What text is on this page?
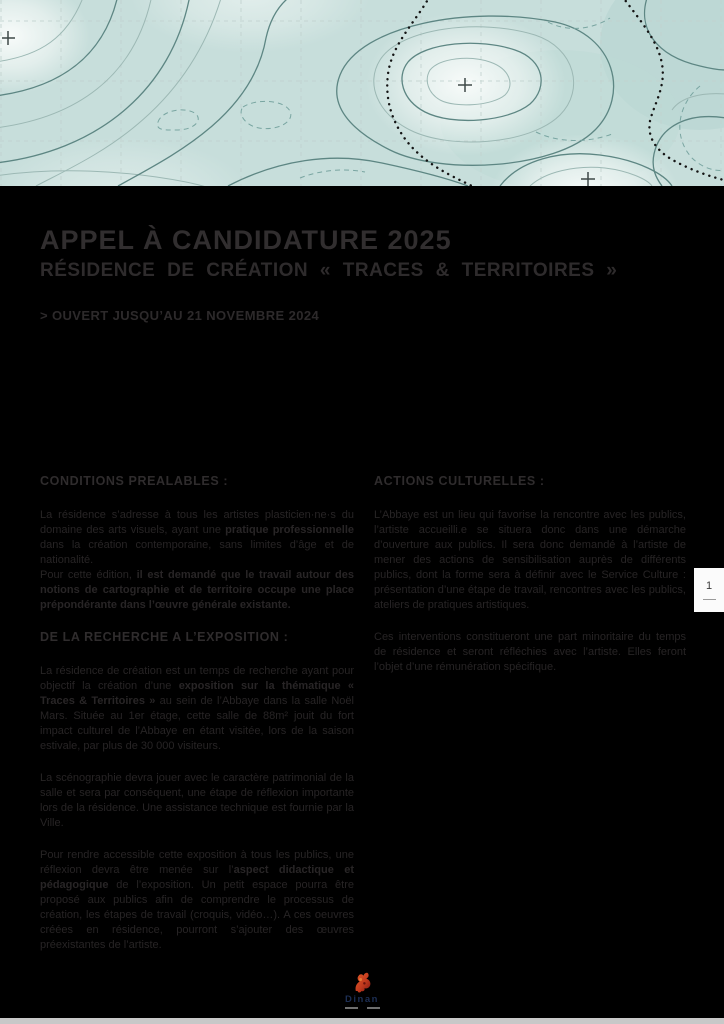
APPEL À CANDIDATURE 2025
RÉSIDENCE DE CRÉATION « TRACES & TERRITOIRES »
> OUVERT JUSQU’AU 21 NOVEMBRE 2024
CONDITIONS PREALABLES :

La résidence s’adresse à tous les artistes plasticien·ne·s du domaine des arts visuels, ayant une pratique professionnelle dans la création contemporaine, sans limites d’âge et de nationalité.
Pour cette édition, il est demandé que le travail autour des notions de cartographie et de territoire occupe une place prépondérante dans l’œuvre générale existante.

DE LA RECHERCHE A L’EXPOSITION :

La résidence de création est un temps de recherche ayant pour objectif la création d’une exposition sur la thématique « Traces & Territoires » au sein de l’Abbaye dans la salle Noël Mars. Située au 1er étage, cette salle de 88m² jouit du fort impact culturel de l’Abbaye en étant visitée, lors de la saison estivale, par plus de 30 000 visiteurs.

La scénographie devra jouer avec le caractère patrimonial de la salle et sera par conséquent, une étape de réflexion importante lors de la résidence. Une assistance technique est fournie par la Ville.

Pour rendre accessible cette exposition à tous les publics, une réflexion devra être menée sur l’aspect didactique et pédagogique de l’exposition. Un petit espace pourra être proposé aux publics afin de comprendre le processus de création, les étapes de travail (croquis, vidéo…). A ces oeuvres créées en résidence, pourront s’ajouter des œuvres préexistantes de l’artiste.

ACTIONS CULTURELLES :

L’Abbaye est un lieu qui favorise la rencontre avec les publics, l’artiste accueilli.e se situera donc dans une démarche d’ouverture aux publics. Il sera donc demandé à l’artiste de mener des actions de sensibilisation auprès de différents publics, dont la forme sera à définir avec le Service Culture : présentation d’une étape de travail, rencontres avec les publics, ateliers de pratiques artistiques.

Ces interventions constitueront une part minoritaire du temps de résidence et seront réfléchies avec l’artiste. Elles feront l’objet d’une rémunération spécifique.

1
Dinan
